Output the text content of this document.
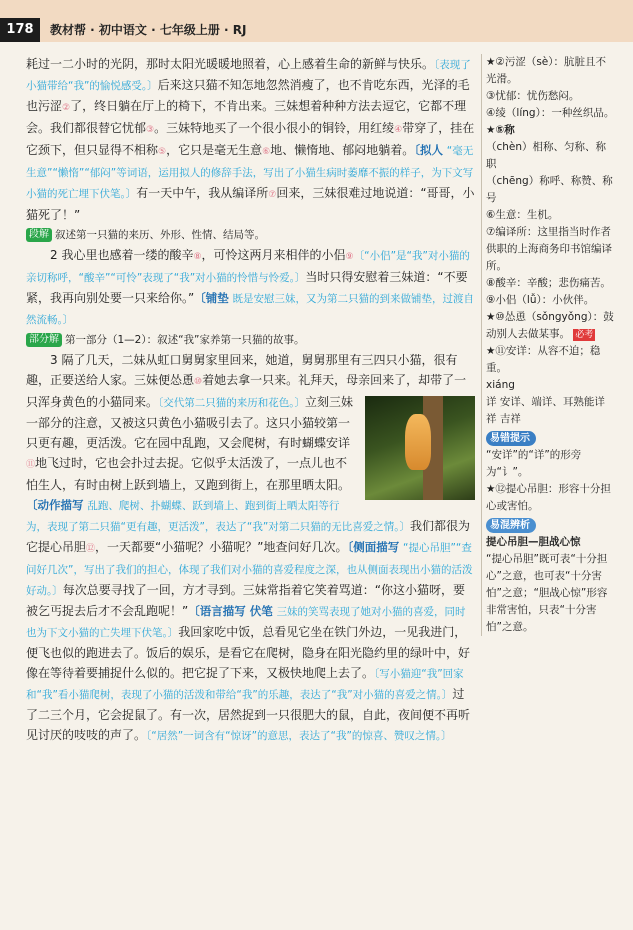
178	教材帮 · 初中语文 · 七年级上册 · RJ

耗过一二小时的光阴，那时太阳光暖暖地照着，心上感着生命的新鲜与快乐。〔表现了小猫带给“我”的愉悦感受。〕后来这只猫不知怎地忽然消瘦了，也不肯吃东西，光泽的毛也污涩②了，终日躺在厅上的椅下，不肯出来。三妹想着种种方法去逗它，它都不理会。我们都很替它忧郁③。三妹特地买了一个很小很小的铜铃，用红绫④带穿了，挂在它颈下，但只显得不相称⑤，它只是毫无生意⑥地、懒惰地、郁闷地躺着。〔拟人 “毫无生意”“懒惰”“郁闷”等词语，运用拟人的修辞手法，写出了小猫生病时萎靡不振的样子，为下文写小猫的死亡埋下伏笔。〕有一天中午，我从编译所⑦回来，三妹很难过地说道：“哥哥，小猫死了！”

段解 叙述第一只猫的来历、外形、性情、结局等。

2 我心里也感着一缕的酸辛⑧，可怜这两月来相伴的小侣⑨〔“小侣”是“我”对小猫的亲切称呼，“酸辛”“可怜”表现了“我”对小猫的怜惜与怜爱。〕当时只得安慰着三妹道：“不要紧，我再向别处要一只来给你。”〔铺垫 既是安慰三妹，又为第二只猫的到来做铺垫，过渡自然流畅。〕

部分解 第一部分（1—2）：叙述“我”家养第一只猫的故事。

3 隔了几天，二妹从虹口舅舅家里回来，她道，舅舅那里有三四只小猫，很有趣，正要送给人家。三妹便怂恿⑩着她去拿一只来。礼拜天，母亲回来了，却带了一只浑身黄色的小猫同来。〔交代第二只猫的来历和花色。〕
立刻三妹一部分的注意，又被这只黄色小猫吸引去了。这只小猫较第一只更有趣，更活泼。它在园中乱跑，又会爬树，有时蝴蝶安详⑪地飞过时，它也会扑过去捉。它似乎太活泼了，一点儿也不怕生人，有时由树上跃到墙上，又跑到街上，在那里晒太阳。〔动作描写 乱跑、爬树、扑蝴蝶、跃到墙上、跑到街上晒太阳等行为，表现了第二只猫“更有趣，更活泼”，表达了“我”对第二只猫的无比喜爱之情。〕我们都很为它提心吊胆⑫，一天都要“小猫呢？小猫呢？”地查问好几次。〔侧面描写 “提心吊胆”“查问好几次”，写出了我们的担心，体现了我们对小猫的喜爱程度之深，也从侧面表现出小猫的活泼好动。〕每次总要寻找了一回，方才寻到。三妹常指着它笑着骂道：“你这小猫呀，要被乞丐捉去后才不会乱跑呢！”〔语言描写 伏笔 三妹的笑骂表现了她对小猫的喜爱，同时也为下文小猫的亡失埋下伏笔。〕我回家吃中饭，总看见它坐在铁门外边，一见我进门，便飞也似的跑进去了。饭后的娱乐，是看它在爬树，隐身在阳光隐约里的绿叶中，好像在等待着要捕捉什么似的。把它捉了下来，又极快地爬上去了。〔写小猫迎“我”回家和“我”看小猫爬树，表现了小猫的活泼和带给“我”的乐趣，表达了“我”对小猫的喜爱之情。〕过了二三个月，它会捉鼠了。有一次，居然捉到一只很肥大的鼠，自此，夜间便不再听见讨厌的吱吱的声了。〔“居然”一词含有“惊讶”的意思，表达了“我”的惊喜、赞叹之情。〕

★②污涩（sè）：肮脏且不光滑。

③忧郁：忧伤愁闷。

④绫（líng）：一种丝织品。

★⑤称

（chèn）相称、匀称、称职

（chēng）称呼、称赞、称号

⑥生意：生机。

⑦编译所：这里指当时作者供职的上海商务印书馆编译所。

⑧酸辛：辛酸；悲伤痛苦。

⑨小侣（lǚ）：小伙伴。

★⑩怂恿（sǒngyǒng）：鼓动别人去做某事。 必考

★⑪安详：从容不迫；稳重。

xiáng

详 安详、端详、耳熟能详

祥 吉祥

易错提示

“安详”的“详”的形旁为“讠”。

★⑫提心吊胆：形容十分担心或害怕。

易混辨析

提心吊胆—胆战心惊

“提心吊胆”既可表“十分担心”之意，也可表“十分害怕”之意；“胆战心惊”形容非常害怕，只表“十分害怕”之意。
